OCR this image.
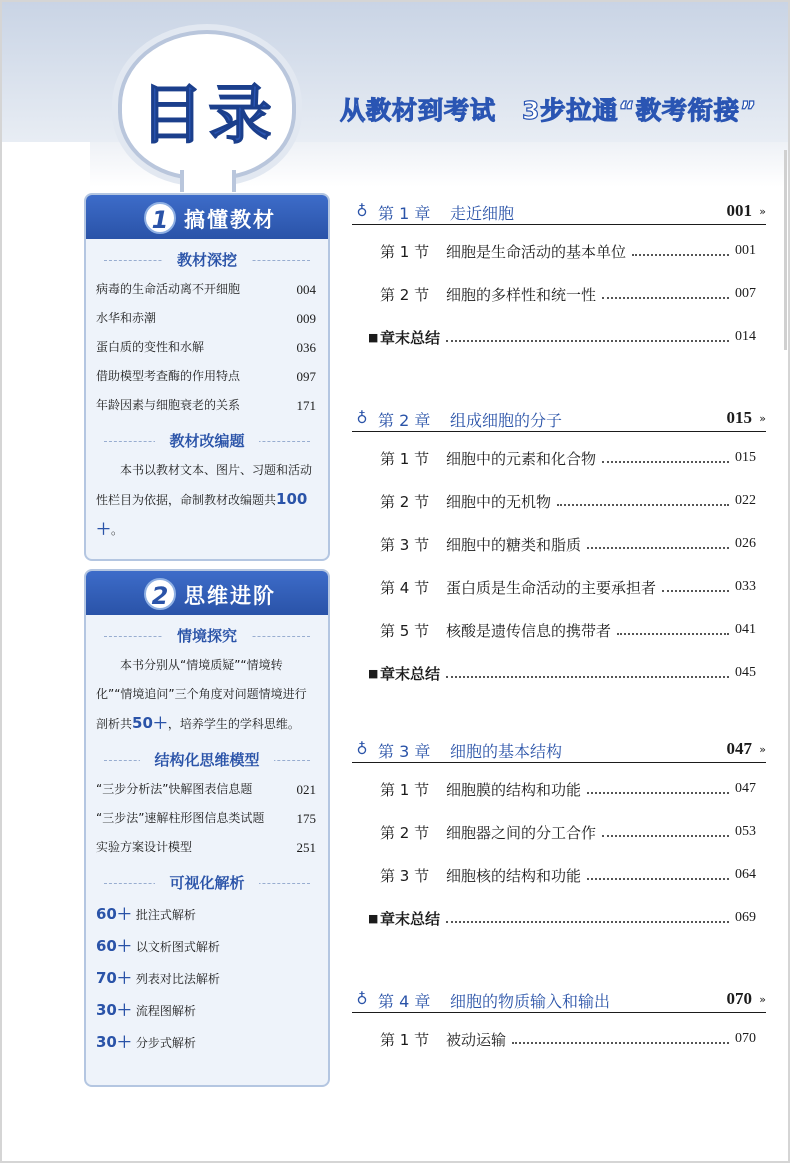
目录	从教材到考试　3步拉通“教考衔接”
1 搞懂教材
教材深挖
病毒的生命活动离不开细胞	004
水华和赤潮	009
蛋白质的变性和水解	036
借助模型考查酶的作用特点	097
年龄因素与细胞衰老的关系	171
教材改编题
本书以教材文本、图片、习题和活动性栏目为依据，命制教材改编题共100＋。
2 思维进阶
情境探究
本书分别从“情境质疑”“情境转化”“情境追问”三个角度对问题情境进行剖析共50＋，培养学生的学科思维。
结构化思维模型
“三步分析法”快解图表信息题	021
“三步法”速解柱形图信息类试题 175
实验方案设计模型	251
可视化解析
60＋ 批注式解析
60＋ 以文析图式解析
70＋ 列表对比法解析
30＋ 流程图解析
30＋ 分步式解析
♁ 第 1 章 走近细胞	001 »
第 1 节	细胞是生命活动的基本单位	001
第 2 节	细胞的多样性和统一性	007
■ 章末总结	014
♁ 第 2 章 组成细胞的分子	015 »
第 1 节	细胞中的元素和化合物	015
第 2 节	细胞中的无机物	022
第 3 节	细胞中的糖类和脂质	026
第 4 节	蛋白质是生命活动的主要承担者	033
第 5 节	核酸是遗传信息的携带者	041
■ 章末总结	045
♁ 第 3 章 细胞的基本结构	047 »
第 1 节	细胞膜的结构和功能	047
第 2 节	细胞器之间的分工合作	053
第 3 节	细胞核的结构和功能	064
■ 章末总结	069
♁ 第 4 章 细胞的物质输入和输出	070 »
第 1 节	被动运输	070
